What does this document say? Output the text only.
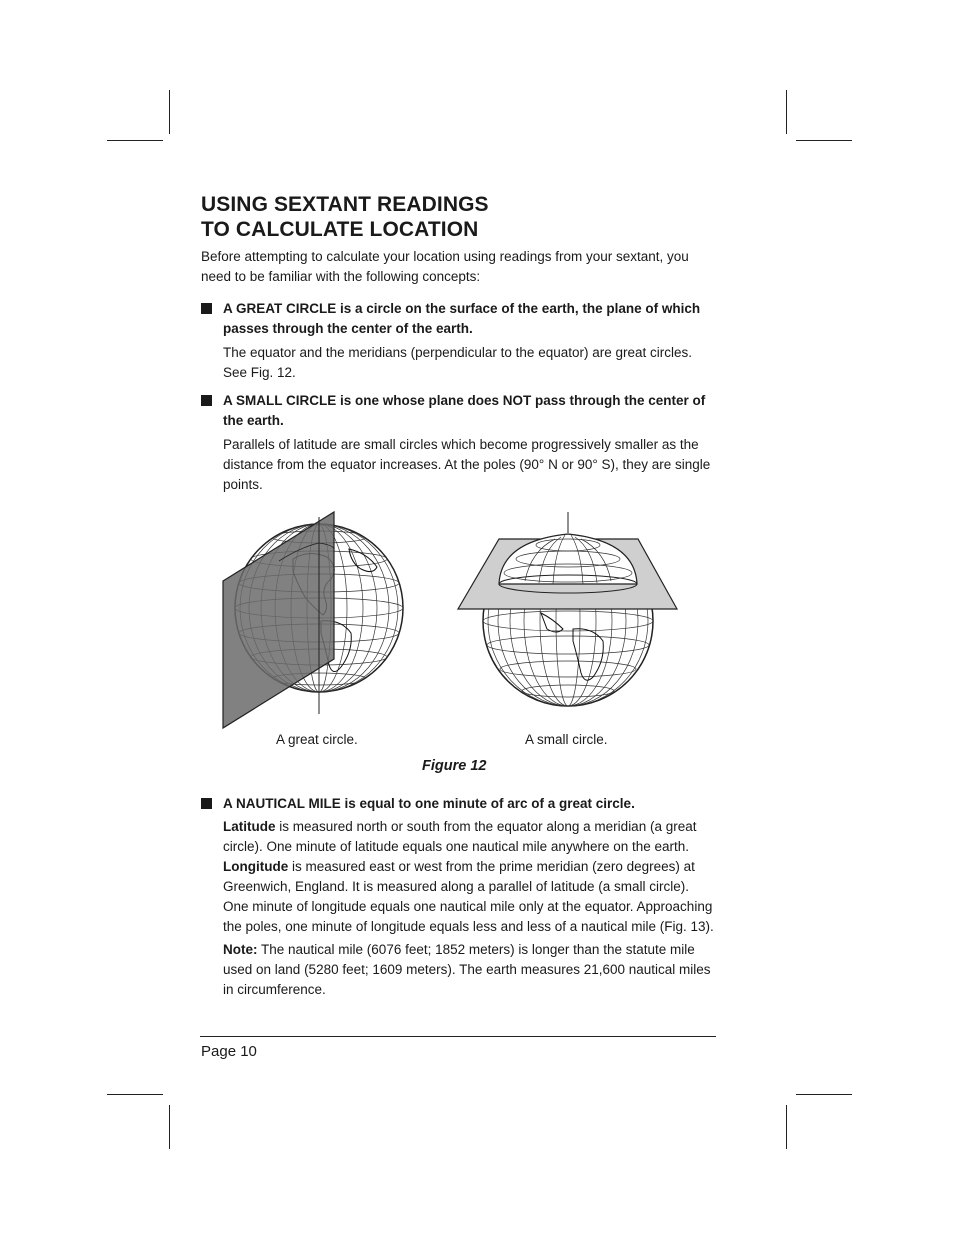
USING SEXTANT READINGS
TO CALCULATE LOCATION

Before attempting to calculate your location using readings from your sextant, you need to be familiar with the following concepts:

A GREAT CIRCLE is a circle on the surface of the earth, the plane of which passes through the center of the earth.

The equator and the meridians (perpendicular to the equator) are great circles. See Fig. 12.

A SMALL CIRCLE is one whose plane does NOT pass through the center of the earth.

Parallels of latitude are small circles which become progressively smaller as the distance from the equator increases. At the poles (90° N or 90° S), they are single points.

A great circle.	A small circle.
Figure 12

A NAUTICAL MILE is equal to one minute of arc of a great circle.

Latitude is measured north or south from the equator along a meridian (a great circle). One minute of latitude equals one nautical mile anywhere on the earth. Longitude is measured east or west from the prime meridian (zero degrees) at Greenwich, England. It is measured along a parallel of latitude (a small circle). One minute of longitude equals one nautical mile only at the equator. Approaching the poles, one minute of longitude equals less and less of a nautical mile (Fig. 13).

Note: The nautical mile (6076 feet; 1852 meters) is longer than the statute mile used on land (5280 feet; 1609 meters). The earth measures 21,600 nautical miles in circumference.

Page 10
